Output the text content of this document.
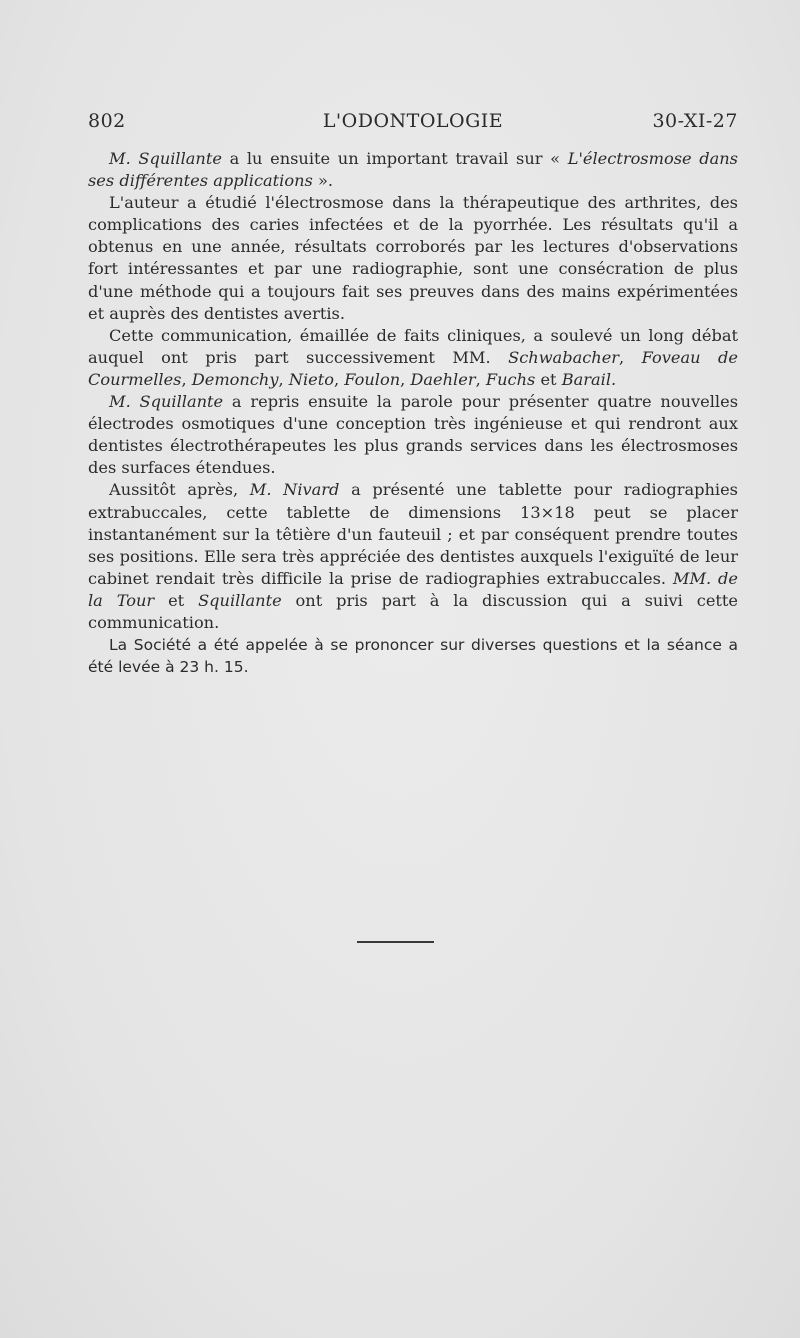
802	L'ODONTOLOGIE	30-XI-27

M. Squillante a lu ensuite un important travail sur « L'électrosmose dans ses différentes applications ».

L'auteur a étudié l'électrosmose dans la thérapeutique des arthrites, des complications des caries infectées et de la pyorrhée. Les résultats qu'il a obtenus en une année, résultats corroborés par les lectures d'observations fort intéressantes et par une radiographie, sont une consécration de plus d'une méthode qui a toujours fait ses preuves dans des mains expérimentées et auprès des dentistes avertis.

Cette communication, émaillée de faits cliniques, a soulevé un long débat auquel ont pris part successivement MM. Schwabacher, Foveau de Courmelles, Demonchy, Nieto, Foulon, Daehler, Fuchs et Barail.

M. Squillante a repris ensuite la parole pour présenter quatre nouvelles électrodes osmotiques d'une conception très ingénieuse et qui rendront aux dentistes électrothérapeutes les plus grands services dans les électrosmoses des surfaces étendues.

Aussitôt après, M. Nivard a présenté une tablette pour radiographies extrabuccales, cette tablette de dimensions 13×18 peut se placer instantanément sur la têtière d'un fauteuil ; et par conséquent prendre toutes ses positions. Elle sera très appréciée des dentistes auxquels l'exiguïté de leur cabinet rendait très difficile la prise de radiographies extrabuccales. MM. de la Tour et Squillante ont pris part à la discussion qui a suivi cette communication.

La Société a été appelée à se prononcer sur diverses questions et la séance a été levée à 23 h. 15.
